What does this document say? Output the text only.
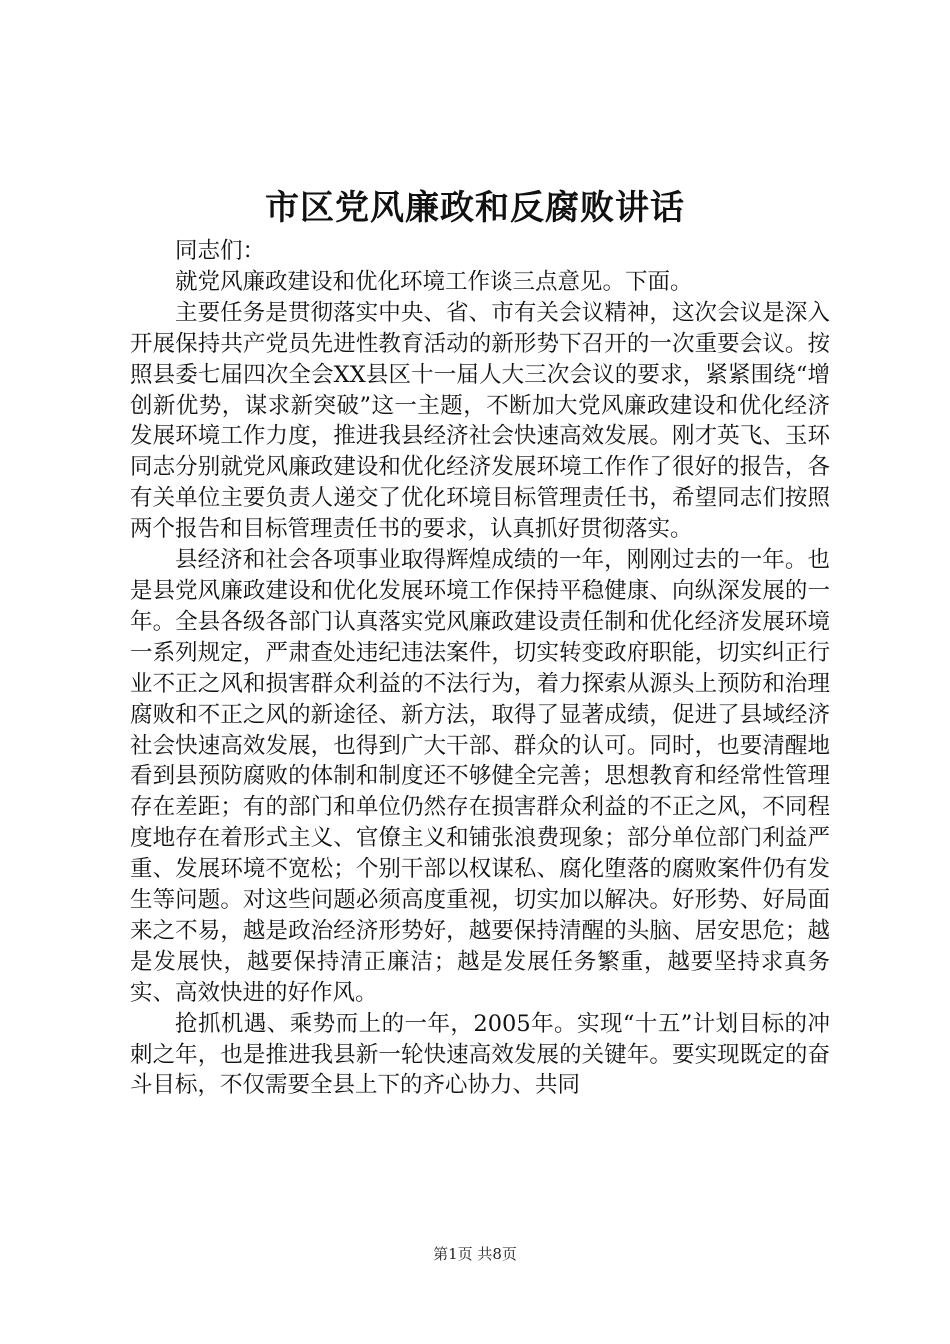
市区党风廉政和反腐败讲话

同志们：

就党风廉政建设和优化环境工作谈三点意见。下面。

主要任务是贯彻落实中央、省、市有关会议精神，这次会议是深入开展保持共产党员先进性教育活动的新形势下召开的一次重要会议。按照县委七届四次全会XX县区十一届人大三次会议的要求，紧紧围绕“增创新优势，谋求新突破”这一主题，不断加大党风廉政建设和优化经济发展环境工作力度，推进我县经济社会快速高效发展。刚才英飞、玉环同志分别就党风廉政建设和优化经济发展环境工作作了很好的报告，各有关单位主要负责人递交了优化环境目标管理责任书，希望同志们按照两个报告和目标管理责任书的要求，认真抓好贯彻落实。

县经济和社会各项事业取得辉煌成绩的一年，刚刚过去的一年。也是县党风廉政建设和优化发展环境工作保持平稳健康、向纵深发展的一年。全县各级各部门认真落实党风廉政建设责任制和优化经济发展环境一系列规定，严肃查处违纪违法案件，切实转变政府职能，切实纠正行业不正之风和损害群众利益的不法行为，着力探索从源头上预防和治理腐败和不正之风的新途径、新方法，取得了显著成绩，促进了县域经济社会快速高效发展，也得到广大干部、群众的认可。同时，也要清醒地看到县预防腐败的体制和制度还不够健全完善；思想教育和经常性管理存在差距；有的部门和单位仍然存在损害群众利益的不正之风，不同程度地存在着形式主义、官僚主义和铺张浪费现象；部分单位部门利益严重、发展环境不宽松；个别干部以权谋私、腐化堕落的腐败案件仍有发生等问题。对这些问题必须高度重视，切实加以解决。好形势、好局面来之不易，越是政治经济形势好，越要保持清醒的头脑、居安思危；越是发展快，越要保持清正廉洁；越是发展任务繁重，越要坚持求真务实、高效快进的好作风。

抢抓机遇、乘势而上的一年，2005年。实现“十五”计划目标的冲刺之年，也是推进我县新一轮快速高效发展的关键年。要实现既定的奋斗目标，不仅需要全县上下的齐心协力、共同

第1页 共8页
